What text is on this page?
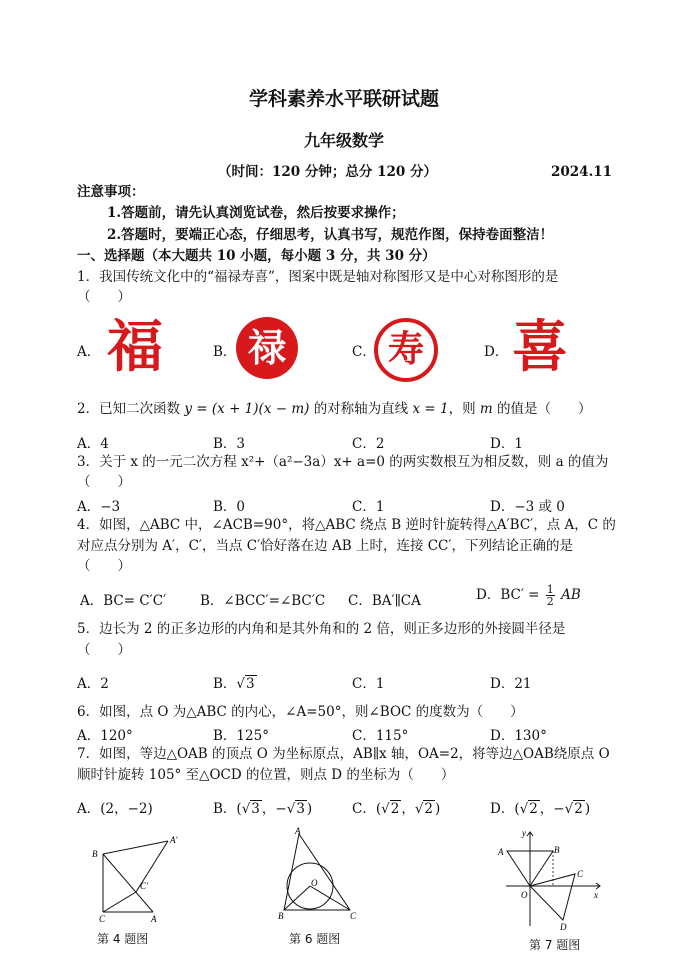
学科素养水平联研试题
九年级数学
（时间：120 分钟；总分 120 分）	2024.11
注意事项：
1.答题前，请先认真浏览试卷，然后按要求操作；
2.答题时，要端正心态，仔细思考，认真书写，规范作图，保持卷面整洁！
一、选择题（本大题共 10 小题，每小题 3 分，共 30 分）
1．我国传统文化中的“福禄寿喜”，图案中既是轴对称图形又是中心对称图形的是
（　　）
A．	B．	C．	D．
福	禄	寿 喜
2．已知二次函数 y = (x + 1)(x − m) 的对称轴为直线 x = 1，则 m 的值是（　　）
A．4	B．3	C．2	D．1
3．关于 x 的一元二次方程 x²+（a²−3a）x+ a=0 的两实数根互为相反数，则 a 的值为
（　　）
A．−3	B．0	C．1	D．−3 或 0
4．如图，△ABC 中，∠ACB=90°，将△ABC 绕点 B 逆时针旋转得△A′BC′，点 A，C 的
对应点分别为 A′，C′，当点 C′恰好落在边 AB 上时，连接 CC′，下列结论正确的是
（　　）
A．BC= C′C′	B．∠BCC′=∠BC′C C．BA′∥CA	D．$BC' = \frac{1}{2}$ AB
5．边长为 2 的正多边形的内角和是其外角和的 2 倍，则正多边形的外接圆半径是
（　　）
A．2	B．√3	C．1	D．21
6．如图，点 O 为△ABC 的内心，∠A=50°，则∠BOC 的度数为（　　）
A．120°	B．125°	C．115°	D．130°
7．如图，等边△OAB 的顶点 O 为坐标原点，AB∥x 轴，OA=2，将等边△OAB绕原点 O
顺时针旋转 105° 至△OCD 的位置，则点 D 的坐标为（　　）
A．(2，−2)	B．(√3 ，−√3 )	C．(√2 ，√2 )	D．(√2 ，−√2 )
B
A′
C′
C	A
第 4 题图
A
O
B	C
第 6 题图
y
A	B
C
O	x
D
第 7 题图
